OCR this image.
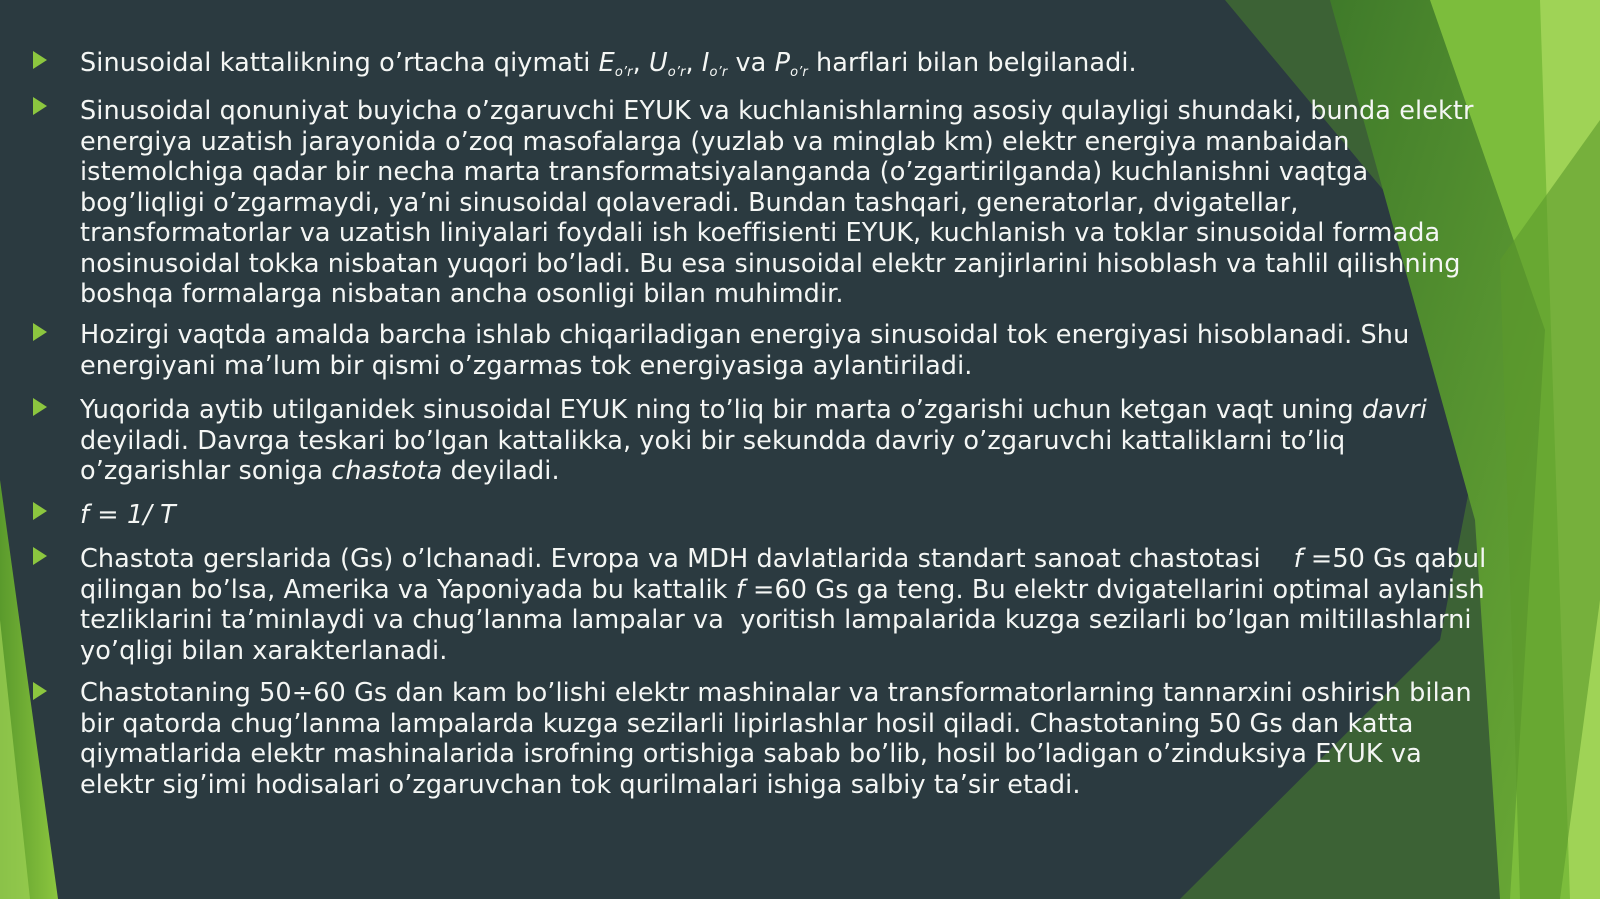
Sinusoidal kattalikning o’rtacha qiymati Eo’r, Uo’r, Io’r va Po’r harflari bilan belgilanadi.
Sinusoidal qonuniyat buyicha o’zgaruvchi EYUK va kuchlanishlarning asosiy qulayligi shundaki, bunda elektr
energiya uzatish jarayonida o’zoq masofalarga (yuzlab va minglab km) elektr energiya manbaidan
istemolchiga qadar bir necha marta transformatsiyalanganda (o’zgartirilganda) kuchlanishni vaqtga
bog’liqligi o’zgarmaydi, ya’ni sinusoidal qolaveradi. Bundan tashqari, generatorlar, dvigatellar,
transformatorlar va uzatish liniyalari foydali ish koeffisienti EYUK, kuchlanish va toklar sinusoidal formada
nosinusoidal tokka nisbatan yuqori bo’ladi. Bu esa sinusoidal elektr zanjirlarini hisoblash va tahlil qilishning
boshqa formalarga nisbatan ancha osonligi bilan muhimdir.
Hozirgi vaqtda amalda barcha ishlab chiqariladigan energiya sinusoidal tok energiyasi hisoblanadi. Shu
energiyani ma’lum bir qismi o’zgarmas tok energiyasiga aylantiriladi.
Yuqorida aytib utilganidek sinusoidal EYUK ning to’liq bir marta o’zgarishi uchun ketgan vaqt uning davri
deyiladi. Davrga teskari bo’lgan kattalikka, yoki bir sekundda davriy o’zgaruvchi kattaliklarni to’liq
o’zgarishlar soniga chastota deyiladi.
f = 1/ T
Chastota gerslarida (Gs) o’lchanadi. Evropa va MDH davlatlarida standart sanoat chastotasi    f =50 Gs qabul
qilingan bo’lsa, Amerika va Yaponiyada bu kattalik f =60 Gs ga teng. Bu elektr dvigatellarini optimal aylanish
tezliklarini ta’minlaydi va chug’lanma lampalar va  yoritish lampalarida kuzga sezilarli bo’lgan miltillashlarni
yo’qligi bilan xarakterlanadi.
Chastotaning 50÷60 Gs dan kam bo’lishi elektr mashinalar va transformatorlarning tannarxini oshirish bilan
bir qatorda chug’lanma lampalarda kuzga sezilarli lipirlashlar hosil qiladi. Chastotaning 50 Gs dan katta
qiymatlarida elektr mashinalarida isrofning ortishiga sabab bo’lib, hosil bo’ladigan o’zinduksiya EYUK va
elektr sig’imi hodisalari o’zgaruvchan tok qurilmalari ishiga salbiy ta’sir etadi.
